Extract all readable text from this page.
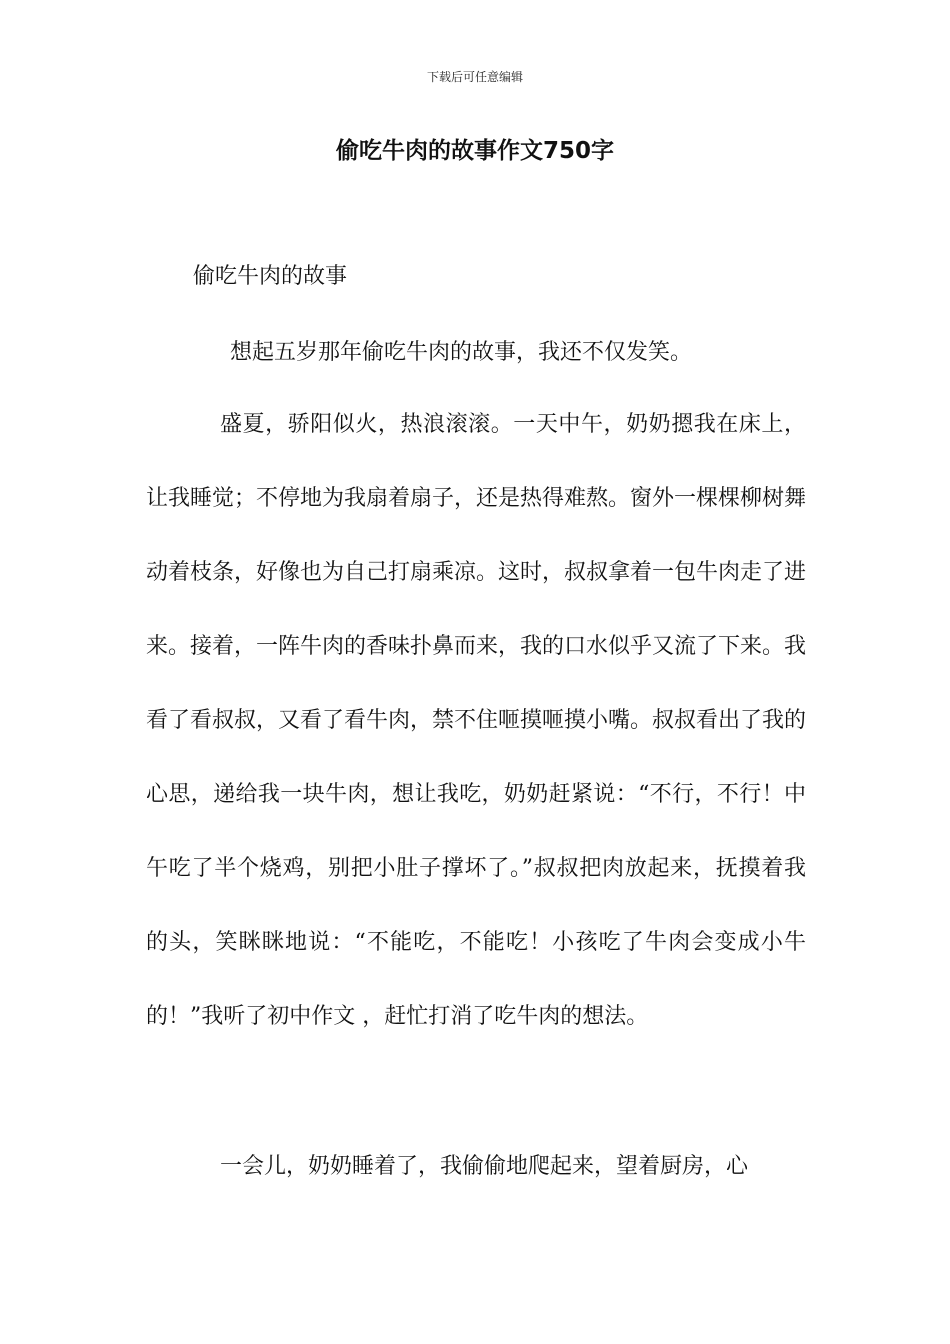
下载后可任意编辑
偷吃牛肉的故事作文750字

偷吃牛肉的故事

想起五岁那年偷吃牛肉的故事，我还不仅发笑。

盛夏，骄阳似火，热浪滚滚。一天中午，奶奶摁我在床上，让我睡觉；不停地为我扇着扇子，还是热得难熬。窗外一棵棵柳树舞动着枝条，好像也为自己打扇乘凉。这时，叔叔拿着一包牛肉走了进来。接着，一阵牛肉的香味扑鼻而来，我的口水似乎又流了下来。我看了看叔叔，又看了看牛肉，禁不住咂摸咂摸小嘴。叔叔看出了我的心思，递给我一块牛肉，想让我吃，奶奶赶紧说：“不行，不行！中午吃了半个烧鸡，别把小肚子撑坏了。”叔叔把肉放起来，抚摸着我的头，笑眯眯地说：“不能吃，不能吃！小孩吃了牛肉会变成小牛的！”我听了初中作文 ，赶忙打消了吃牛肉的想法。

一会儿，奶奶睡着了，我偷偷地爬起来，望着厨房，心
